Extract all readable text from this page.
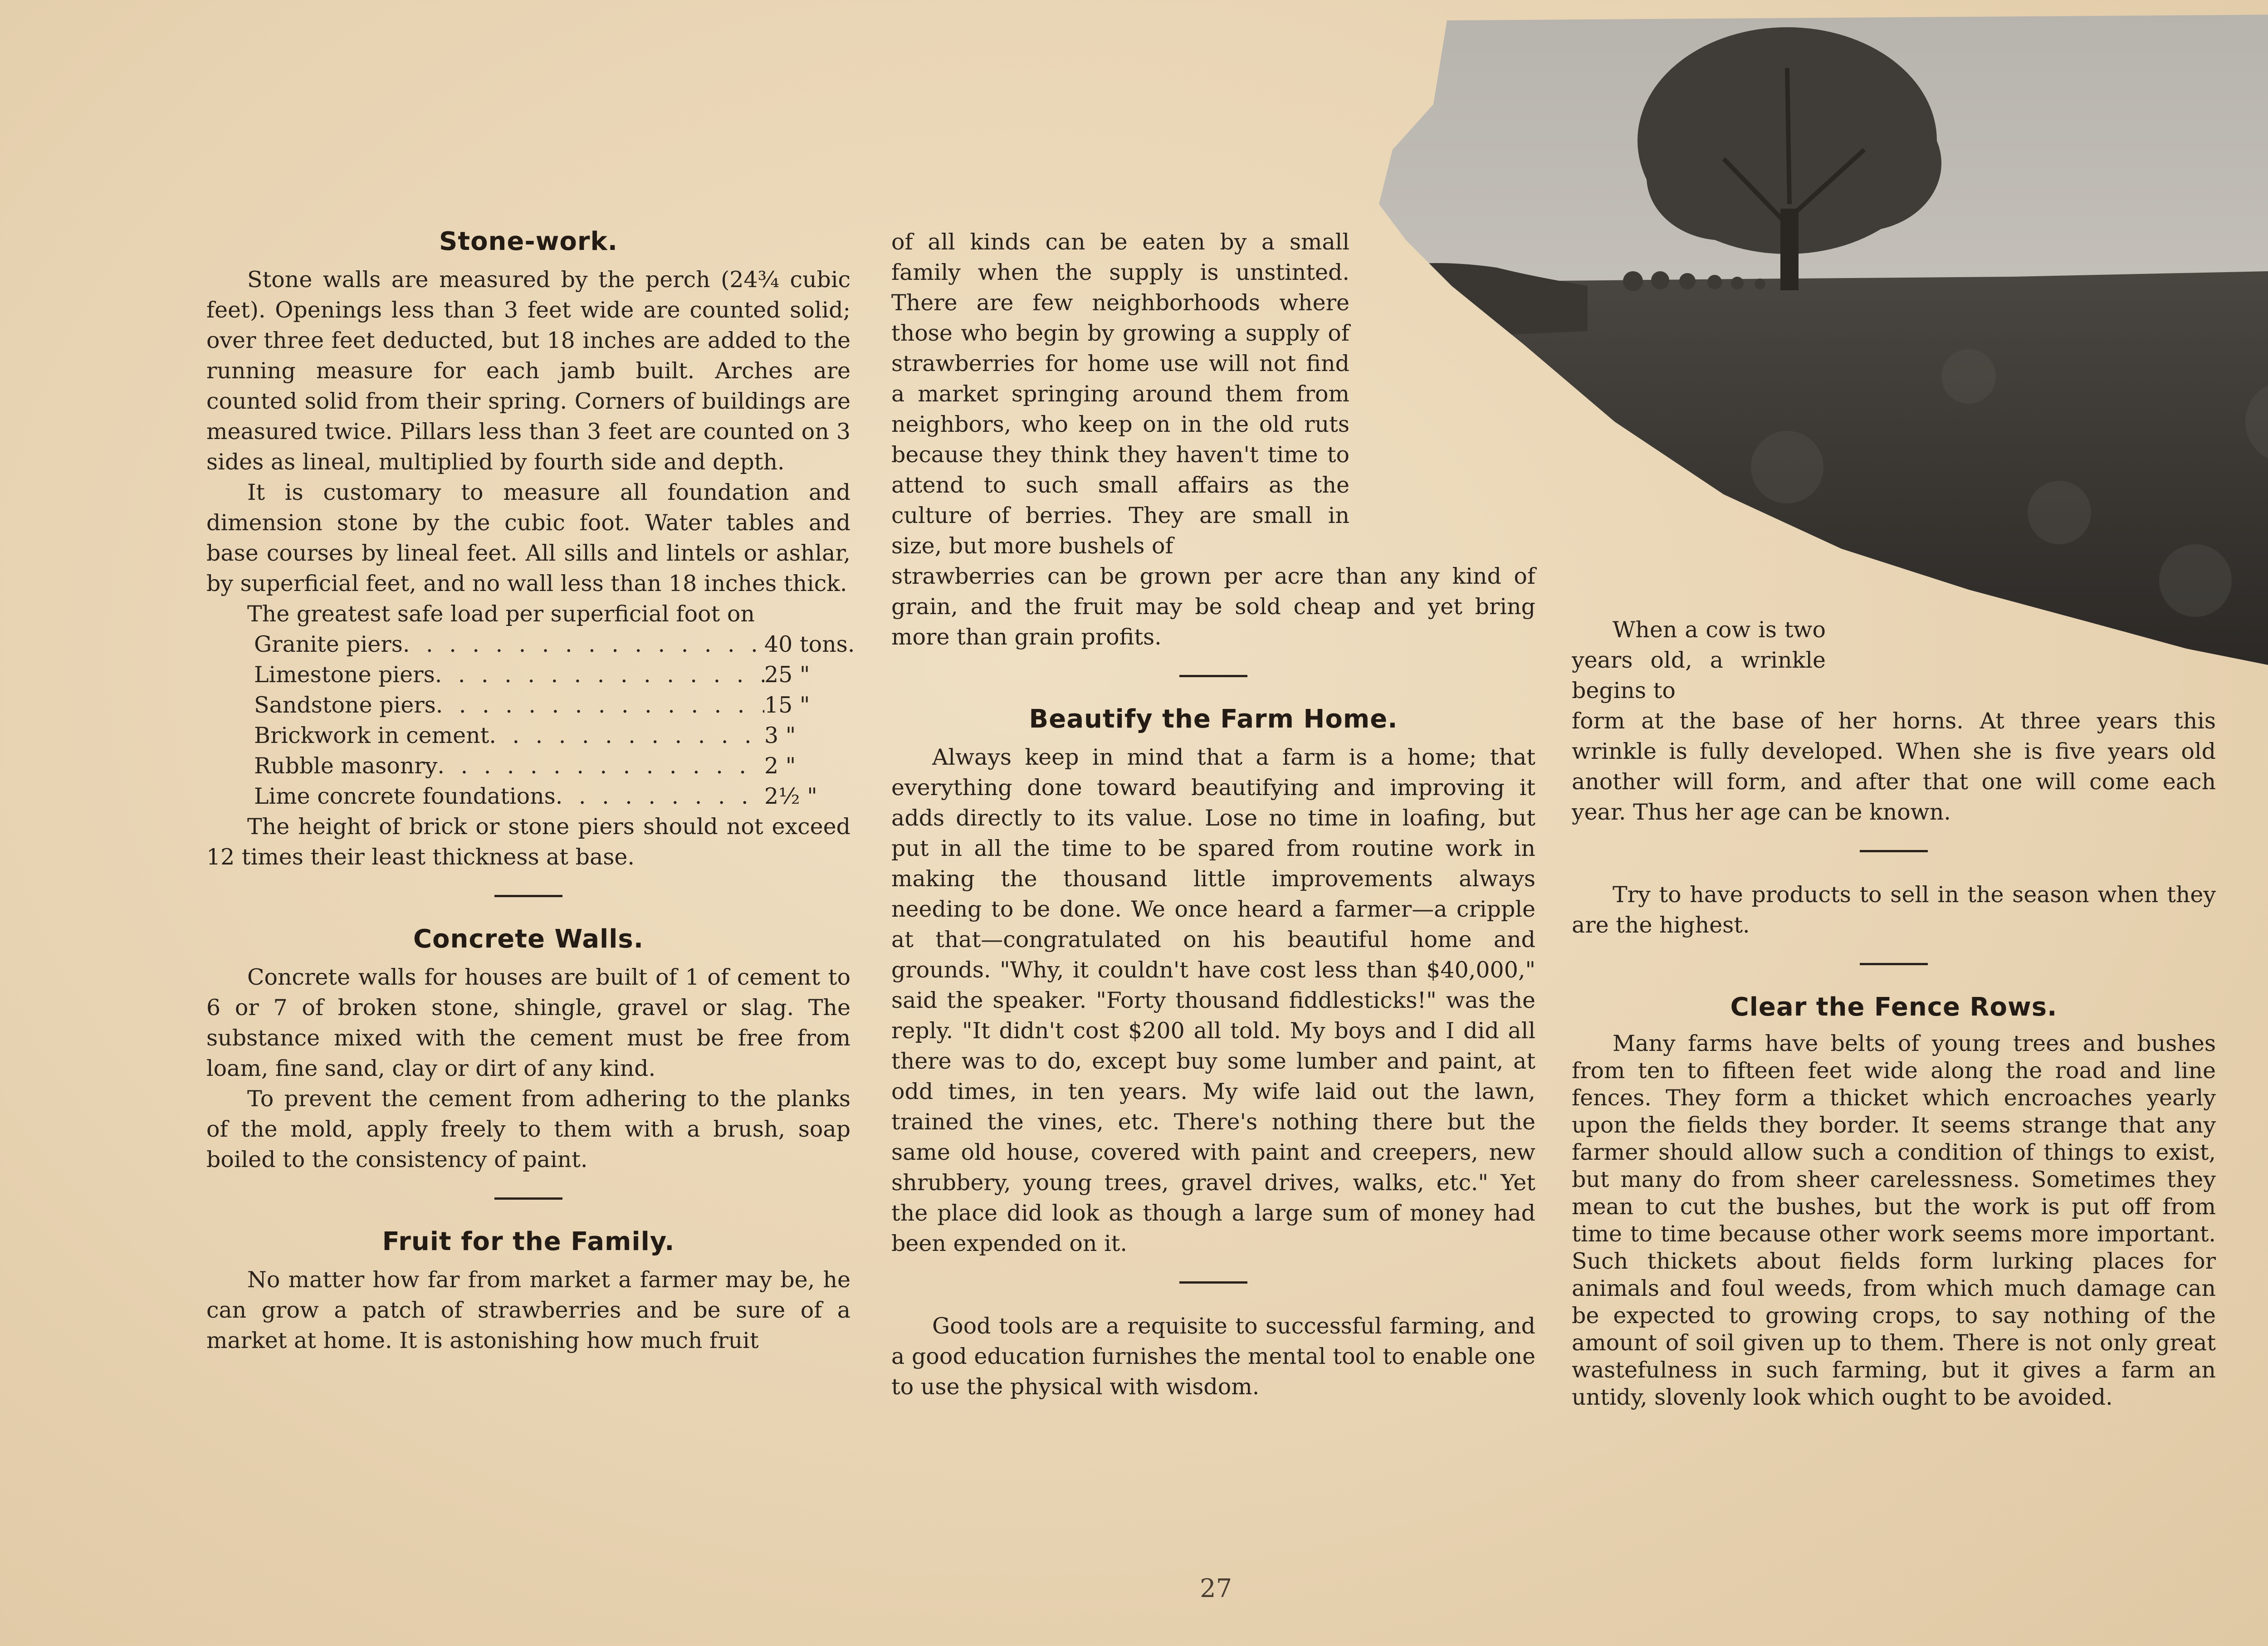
Stone-work.

Stone walls are measured by the perch (24¾ cubic feet). Openings less than 3 feet wide are counted solid; over three feet deducted, but 18 inches are added to the running measure for each jamb built. Arches are counted solid from their spring. Corners of buildings are measured twice. Pillars less than 3 feet are counted on 3 sides as lineal, multiplied by fourth side and depth.

It is customary to measure all foundation and dimension stone by the cubic foot. Water tables and base courses by lineal feet. All sills and lintels or ashlar, by superficial feet, and no wall less than 18 inches thick.

The greatest safe load per superficial foot on

Granite piers . . .	40 tons.
Limestone piers . . .	25 "
Sandstone piers . . .	15 "
Brickwork in cement . . .	3 "
Rubble masonry . . .	2 "
Lime concrete foundations . . .	2½ "

The height of brick or stone piers should not exceed 12 times their least thickness at base.

Concrete Walls.

Concrete walls for houses are built of 1 of cement to 6 or 7 of broken stone, shingle, gravel or slag. The substance mixed with the cement must be free from loam, fine sand, clay or dirt of any kind.

To prevent the cement from adhering to the planks of the mold, apply freely to them with a brush, soap boiled to the consistency of paint.

Fruit for the Family.

No matter how far from market a farmer may be, he can grow a patch of strawberries and be sure of a market at home. It is astonishing how much fruit

of all kinds can be eaten by a small family when the supply is unstinted. There are few neighborhoods where those who begin by growing a supply of strawberries for home use will not find a market springing around them from neighbors, who keep on in the old ruts because they think they haven't time to attend to such small affairs as the culture of berries. They are small in size, but more bushels of

strawberries can be grown per acre than any kind of grain, and the fruit may be sold cheap and yet bring more than grain profits.

Beautify the Farm Home.

Always keep in mind that a farm is a home; that everything done toward beautifying and improving it adds directly to its value. Lose no time in loafing, but put in all the time to be spared from routine work in making the thousand little improvements always needing to be done. We once heard a farmer—a cripple at that—congratulated on his beautiful home and grounds. "Why, it couldn't have cost less than $40,000," said the speaker. "Forty thousand fiddlesticks!" was the reply. "It didn't cost $200 all told. My boys and I did all there was to do, except buy some lumber and paint, at odd times, in ten years. My wife laid out the lawn, trained the vines, etc. There's nothing there but the same old house, covered with paint and creepers, new shrubbery, young trees, gravel drives, walks, etc." Yet the place did look as though a large sum of money had been expended on it.

Good tools are a requisite to successful farming, and a good education furnishes the mental tool to enable one to use the physical with wisdom.

When a cow is two years old, a wrinkle begins to

form at the base of her horns. At three years this wrinkle is fully developed. When she is five years old another will form, and after that one will come each year. Thus her age can be known.

Try to have products to sell in the season when they are the highest.

Clear the Fence Rows.

Many farms have belts of young trees and bushes from ten to fifteen feet wide along the road and line fences. They form a thicket which encroaches yearly upon the fields they border. It seems strange that any farmer should allow such a condition of things to exist, but many do from sheer carelessness. Sometimes they mean to cut the bushes, but the work is put off from time to time because other work seems more important. Such thickets about fields form lurking places for animals and foul weeds, from which much damage can be expected to growing crops, to say nothing of the amount of soil given up to them. There is not only great wastefulness in such farming, but it gives a farm an untidy, slovenly look which ought to be avoided.

27
